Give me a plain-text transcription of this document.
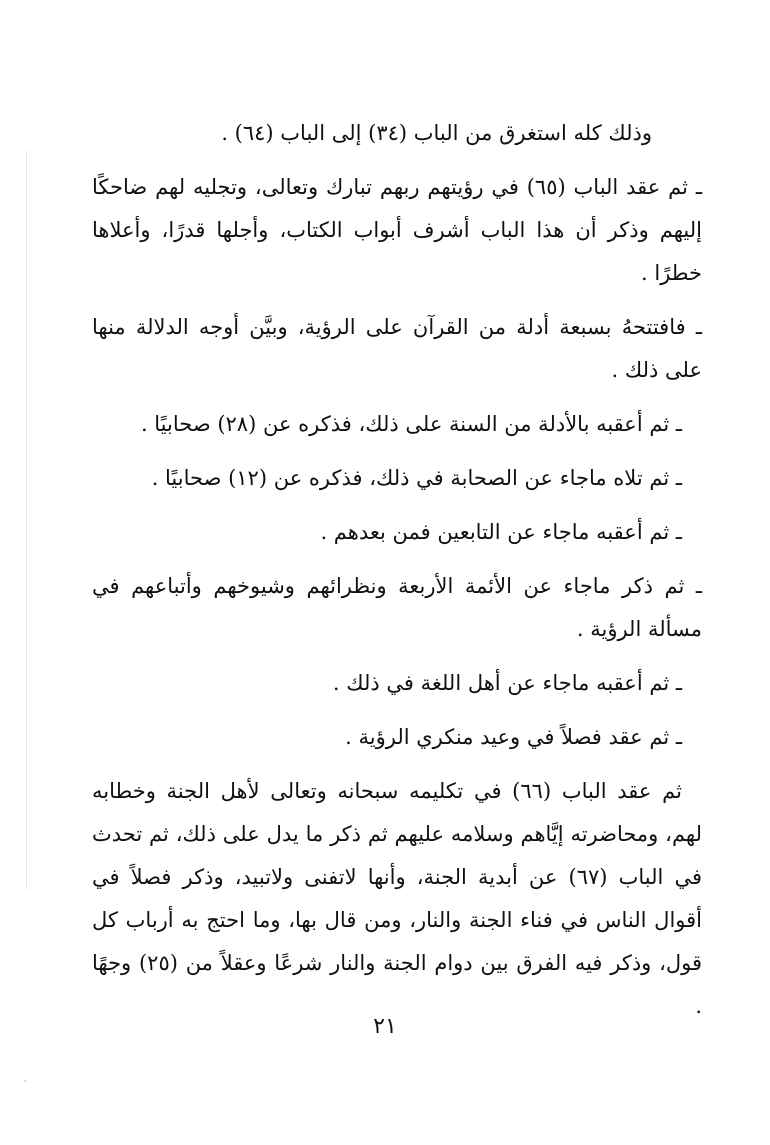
وذلك كله استغرق من الباب (٣٤) إلى الباب (٦٤) .

ـ ثم عقد الباب (٦٥) في رؤيتهم ربهم تبارك وتعالى، وتجليه لهم ضاحكًا إليهم وذكر أن هذا الباب أشرف أبواب الكتاب، وأجلها قدرًا، وأعلاها خطرًا .

ـ فافتتحهُ بسبعة أدلة من القرآن على الرؤية، وبيَّن أوجه الدلالة منها على ذلك .

ـ ثم أعقبه بالأدلة من السنة على ذلك، فذكره عن (٢٨) صحابيًا .

ـ ثم تلاه ماجاء عن الصحابة في ذلك، فذكره عن (١٢) صحابيًا .

ـ ثم أعقبه ماجاء عن التابعين فمن بعدهم .

ـ ثم ذكر ماجاء عن الأئمة الأربعة ونظرائهم وشيوخهم وأتباعهم في مسألة الرؤية .

ـ ثم أعقبه ماجاء عن أهل اللغة في ذلك .

ـ ثم عقد فصلاً في وعيد منكري الرؤية .

ثم عقد الباب (٦٦) في تكليمه سبحانه وتعالى لأهل الجنة وخطابه لهم، ومحاضرته إيَّاهم وسلامه عليهم ثم ذكر ما يدل على ذلك، ثم تحدث في الباب (٦٧) عن أبدية الجنة، وأنها لاتفنى ولاتبيد، وذكر فصلاً في أقوال الناس في فناء الجنة والنار، ومن قال بها، وما احتج به أرباب كل قول، وذكر فيه الفرق بين دوام الجنة والنار شرعًا وعقلاً من (٢٥) وجهًا .

٢١
